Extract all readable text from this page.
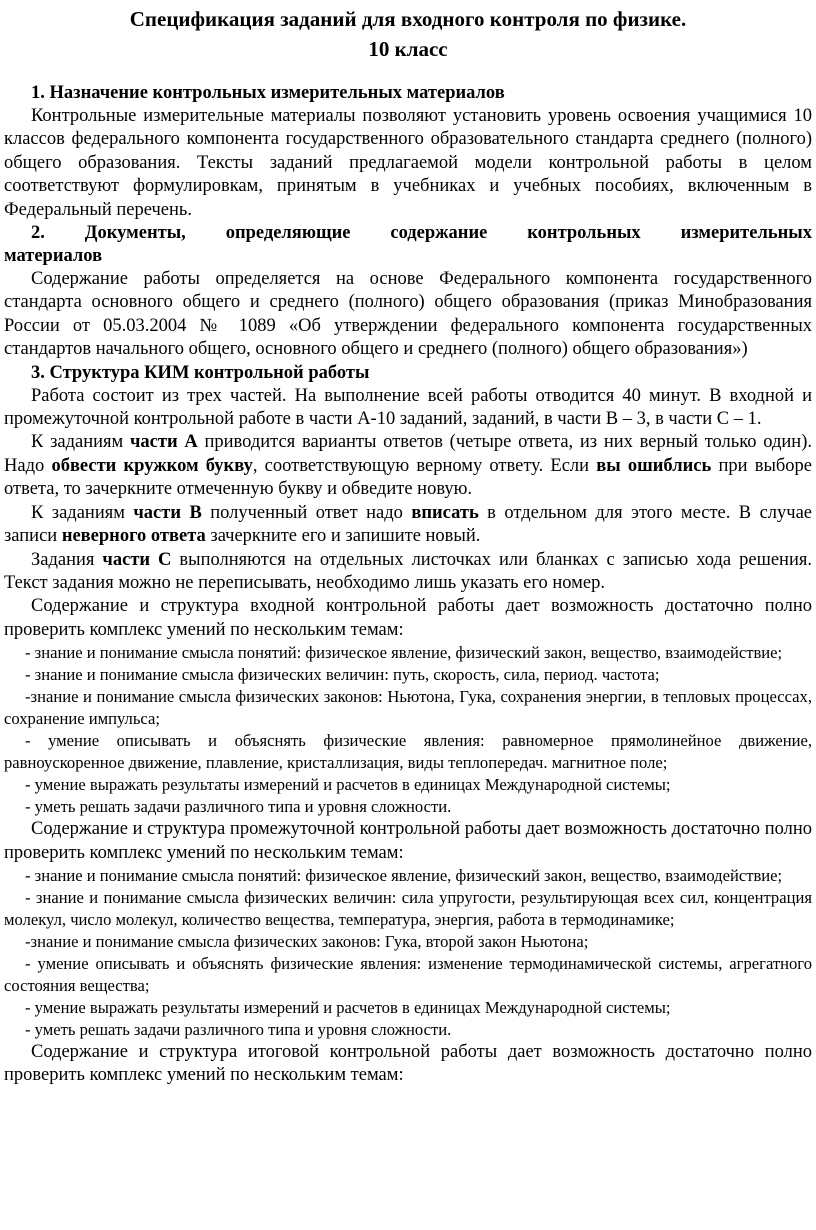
Спецификация заданий для входного контроля по физике.
10 класс
1. Назначение контрольных измерительных материалов

Контрольные измерительные материалы позволяют установить уровень освоения учащимися 10 классов федерального компонента государственного образовательного стандарта среднего (полного) общего образования. Тексты заданий предлагаемой модели контрольной работы в целом соответствуют формулировкам, принятым в учебниках и учебных пособиях, включенным в Федеральный перечень.

2. Документы, определяющие содержание контрольных измерительных
материалов

Содержание работы определяется на основе Федерального компонента государственного стандарта основного общего и среднего (полного) общего образования (приказ Минобразования России от 05.03.2004 № 1089 «Об утверждении федерального компонента государственных стандартов начального общего, основного общего и среднего (полного) общего образования»)

3. Структура КИМ контрольной работы

Работа состоит из трех частей. На выполнение всей работы отводится 40 минут. В входной и промежуточной контрольной работе в части А-10 заданий, заданий, в части В – 3, в части С – 1.

К заданиям части А приводится варианты ответов (четыре ответа, из них верный только один). Надо обвести кружком букву, соответствующую верному ответу. Если вы ошиблись при выборе ответа, то зачеркните отмеченную букву и обведите новую.

К заданиям части В полученный ответ надо вписать в отдельном для этого месте. В случае записи неверного ответа зачеркните его и запишите новый.

Задания части С выполняются на отдельных листочках или бланках с записью хода решения. Текст задания можно не переписывать, необходимо лишь указать его номер.

Содержание и структура входной контрольной работы дает возможность достаточно полно проверить комплекс умений по нескольким темам:

- знание и понимание смысла понятий: физическое явление, физический закон, вещество, взаимодействие;

- знание и понимание смысла физических величин: путь, скорость, сила, период. частота;

-знание и понимание смысла физических законов: Ньютона, Гука, сохранения энергии, в тепловых процессах, сохранение импульса;

- умение описывать и объяснять физические явления: равномерное прямолинейное движение, равноускоренное движение, плавление, кристаллизация, виды теплопередач. магнитное поле;

- умение выражать результаты измерений и расчетов в единицах Международной системы;

- уметь решать задачи различного типа и уровня сложности.

Содержание и структура промежуточной контрольной работы дает возможность достаточно полно проверить комплекс умений по нескольким темам:

- знание и понимание смысла понятий: физическое явление, физический закон, вещество, взаимодействие;

- знание и понимание смысла физических величин: сила упругости, результирующая всех сил, концентрация молекул, число молекул, количество вещества, температура, энергия, работа в термодинамике;

-знание и понимание смысла физических законов: Гука, второй закон Ньютона;

- умение описывать и объяснять физические явления: изменение термодинамической системы, агрегатного состояния вещества;

- умение выражать результаты измерений и расчетов в единицах Международной системы;

- уметь решать задачи различного типа и уровня сложности.

Содержание и структура итоговой контрольной работы дает возможность достаточно полно проверить комплекс умений по нескольким темам:
